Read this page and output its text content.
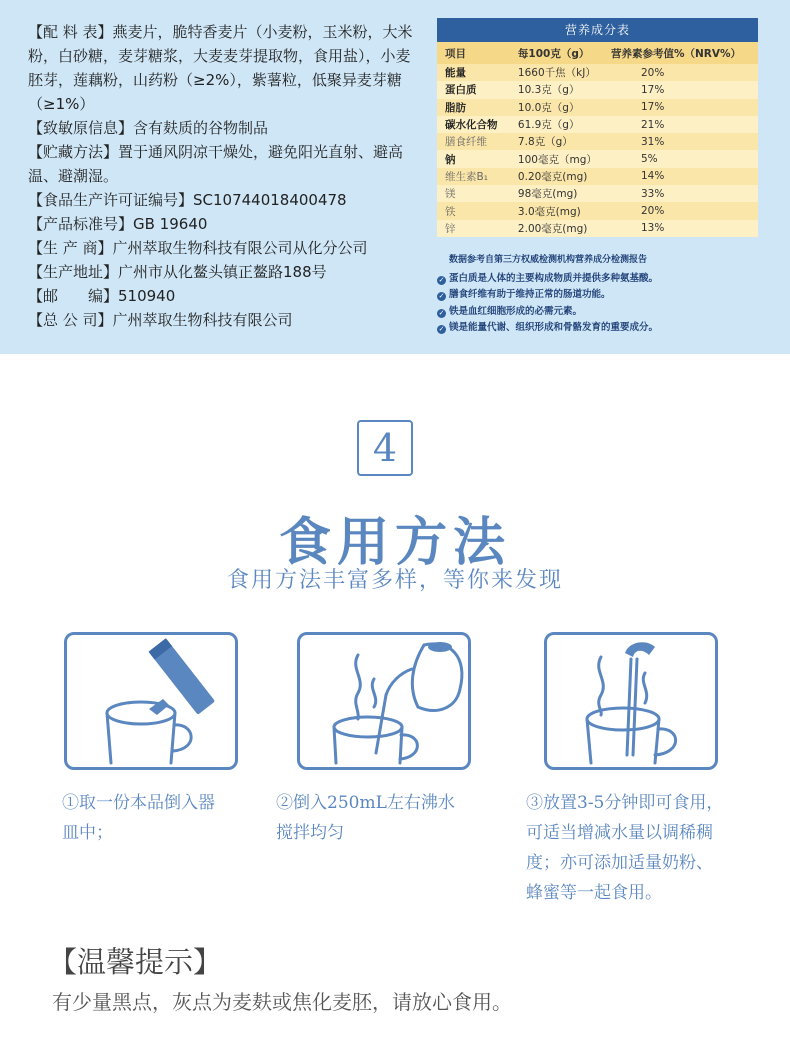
【配 料 表】燕麦片，脆特香麦片（小麦粉，玉米粉，大米粉，白砂糖，麦芽糖浆，大麦麦芽提取物，食用盐），小麦胚芽，莲藕粉，山药粉（≥2%），紫薯粒，低聚异麦芽糖（≥1%）

【致敏原信息】含有麸质的谷物制品

【贮藏方法】置于通风阴凉干燥处，避免阳光直射、避高温、避潮湿。

【食品生产许可证编号】SC10744018400478

【产品标准号】GB 19640

【生 产 商】广州萃取生物科技有限公司从化分公司

【生产地址】广州市从化鳌头镇正鳌路188号

【邮　　编】510940

【总 公 司】广州萃取生物科技有限公司

营养成分表
项目	每100克（g）	营养素参考值%（NRV%）
能量	1660千焦（kJ）	20%
蛋白质	10.3克（g）	17%
脂肪	10.0克（g）	17%
碳水化合物	61.9克（g）	21%
膳食纤维	7.8克（g）	31%
钠	100毫克（mg）	5%
维生素B₁	0.20毫克(mg)	14%
镁	98毫克(mg)	33%
铁	3.0毫克(mg)	20%
锌	2.00毫克(mg)	13%
数据参考自第三方权威检测机构营养成分检测报告
✓ 蛋白质是人体的主要构成物质并提供多种氨基酸。
✓ 膳食纤维有助于维持正常的肠道功能。
✓ 铁是血红细胞形成的必需元素。
✓ 镁是能量代谢、组织形成和骨骼发育的重要成分。
4
食用方法
食用方法丰富多样，等你来发现
①取一份本品倒入器
皿中；
②倒入250mL左右沸水
搅拌均匀
③放置3-5分钟即可食用，
可适当增减水量以调稀稠
度；亦可添加适量奶粉、
蜂蜜等一起食用。
【温馨提示】
有少量黑点，灰点为麦麸或焦化麦胚，请放心食用。
